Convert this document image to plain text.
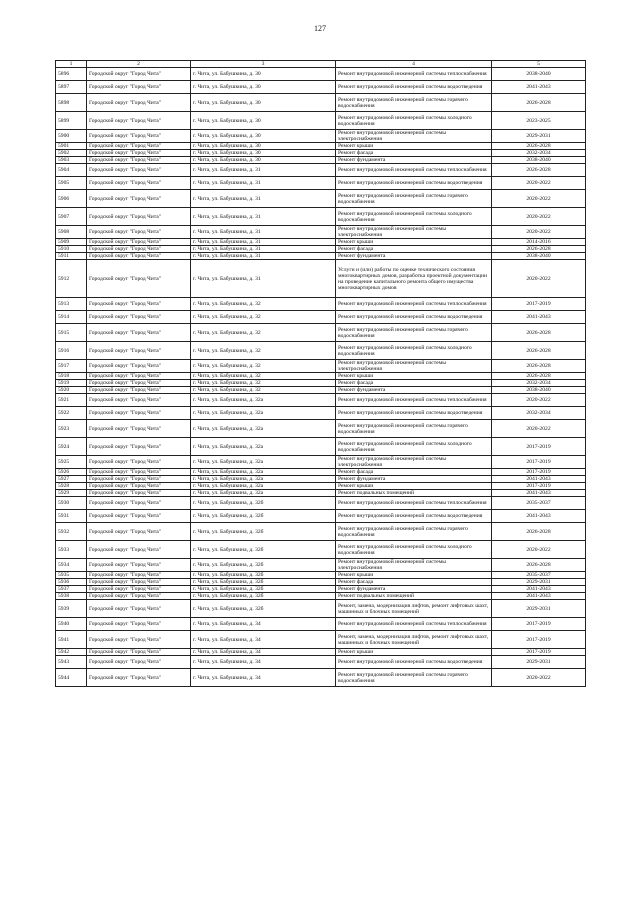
127
1	2	3	4	5
5896	Городской округ "Город Чита"	г. Чита, ул. Бабушкина, д. 30	Ремонт внутридомовой инженерной системы теплоснабжения	2038-2040
5897	Городской округ "Город Чита"	г. Чита, ул. Бабушкина, д. 30	Ремонт внутридомовой инженерной системы водоотведения	2041-2043
5898	Городской округ "Город Чита"	г. Чита, ул. Бабушкина, д. 30	Ремонт внутридомовой инженерной системы горячего водоснабжения	2026-2028
5899	Городской округ "Город Чита"	г. Чита, ул. Бабушкина, д. 30	Ремонт внутридомовой инженерной системы холодного водоснабжения	2023-2025
5900	Городской округ "Город Чита"	г. Чита, ул. Бабушкина, д. 30	Ремонт внутридомовой инженерной системы электроснабжения	2029-2031
5901	Городской округ "Город Чита"	г. Чита, ул. Бабушкина, д. 30	Ремонт крыши	2026-2028
5902	Городской округ "Город Чита"	г. Чита, ул. Бабушкина, д. 30	Ремонт фасада	2032-2034
5903	Городской округ "Город Чита"	г. Чита, ул. Бабушкина, д. 30	Ремонт фундамента	2038-2040
5904	Городской округ "Город Чита"	г. Чита, ул. Бабушкина, д. 31	Ремонт внутридомовой инженерной системы теплоснабжения	2026-2028
5905	Городской округ "Город Чита"	г. Чита, ул. Бабушкина, д. 31	Ремонт внутридомовой инженерной системы водоотведения	2020-2022
5906	Городской округ "Город Чита"	г. Чита, ул. Бабушкина, д. 31	Ремонт внутридомовой инженерной системы горячего водоснабжения	2020-2022
5907	Городской округ "Город Чита"	г. Чита, ул. Бабушкина, д. 31	Ремонт внутридомовой инженерной системы холодного водоснабжения	2020-2022
5908	Городской округ "Город Чита"	г. Чита, ул. Бабушкина, д. 31	Ремонт внутридомовой инженерной системы электроснабжения	2020-2022
5909	Городской округ "Город Чита"	г. Чита, ул. Бабушкина, д. 31	Ремонт крыши	2014-2016
5910	Городской округ "Город Чита"	г. Чита, ул. Бабушкина, д. 31	Ремонт фасада	2026-2028
5911	Городской округ "Город Чита"	г. Чита, ул. Бабушкина, д. 31	Ремонт фундамента	2038-2040
5912	Городской округ "Город Чита"	г. Чита, ул. Бабушкина, д. 31	Услуги и (или) работы по оценке технического состояния многоквартирных домов, разработка проектной документации на проведение капитального ремонта общего имущества многоквартирных домов	2020-2022
5913	Городской округ "Город Чита"	г. Чита, ул. Бабушкина, д. 32	Ремонт внутридомовой инженерной системы теплоснабжения	2017-2019
5914	Городской округ "Город Чита"	г. Чита, ул. Бабушкина, д. 32	Ремонт внутридомовой инженерной системы водоотведения	2041-2043
5915	Городской округ "Город Чита"	г. Чита, ул. Бабушкина, д. 32	Ремонт внутридомовой инженерной системы горячего водоснабжения	2026-2028
5916	Городской округ "Город Чита"	г. Чита, ул. Бабушкина, д. 32	Ремонт внутридомовой инженерной системы холодного водоснабжения	2026-2028
5917	Городской округ "Город Чита"	г. Чита, ул. Бабушкина, д. 32	Ремонт внутридомовой инженерной системы электроснабжения	2026-2028
5918	Городской округ "Город Чита"	г. Чита, ул. Бабушкина, д. 32	Ремонт крыши	2026-2028
5919	Городской округ "Город Чита"	г. Чита, ул. Бабушкина, д. 32	Ремонт фасада	2032-2034
5920	Городской округ "Город Чита"	г. Чита, ул. Бабушкина, д. 32	Ремонт фундамента	2038-2040
5921	Городской округ "Город Чита"	г. Чита, ул. Бабушкина, д. 32а	Ремонт внутридомовой инженерной системы теплоснабжения	2020-2022
5922	Городской округ "Город Чита"	г. Чита, ул. Бабушкина, д. 32а	Ремонт внутридомовой инженерной системы водоотведения	2032-2034
5923	Городской округ "Город Чита"	г. Чита, ул. Бабушкина, д. 32а	Ремонт внутридомовой инженерной системы горячего водоснабжения	2020-2022
5924	Городской округ "Город Чита"	г. Чита, ул. Бабушкина, д. 32а	Ремонт внутридомовой инженерной системы холодного водоснабжения	2017-2019
5925	Городской округ "Город Чита"	г. Чита, ул. Бабушкина, д. 32а	Ремонт внутридомовой инженерной системы электроснабжения	2017-2019
5926	Городской округ "Город Чита"	г. Чита, ул. Бабушкина, д. 32а	Ремонт фасада	2017-2019
5927	Городской округ "Город Чита"	г. Чита, ул. Бабушкина, д. 32а	Ремонт фундамента	2041-2043
5928	Городской округ "Город Чита"	г. Чита, ул. Бабушкина, д. 32а	Ремонт крыши	2017-2019
5929	Городской округ "Город Чита"	г. Чита, ул. Бабушкина, д. 32а	Ремонт подвальных помещений	2041-2043
5930	Городской округ "Город Чита"	г. Чита, ул. Бабушкина, д. 32б	Ремонт внутридомовой инженерной системы теплоснабжения	2035-2037
5931	Городской округ "Город Чита"	г. Чита, ул. Бабушкина, д. 32б	Ремонт внутридомовой инженерной системы водоотведения	2041-2043
5932	Городской округ "Город Чита"	г. Чита, ул. Бабушкина, д. 32б	Ремонт внутридомовой инженерной системы горячего водоснабжения	2026-2028
5933	Городской округ "Город Чита"	г. Чита, ул. Бабушкина, д. 32б	Ремонт внутридомовой инженерной системы холодного водоснабжения	2020-2022
5934	Городской округ "Город Чита"	г. Чита, ул. Бабушкина, д. 32б	Ремонт внутридомовой инженерной системы электроснабжения	2026-2028
5935	Городской округ "Город Чита"	г. Чита, ул. Бабушкина, д. 32б	Ремонт крыши	2035-2037
5936	Городской округ "Город Чита"	г. Чита, ул. Бабушкина, д. 32б	Ремонт фасада	2029-2031
5937	Городской округ "Город Чита"	г. Чита, ул. Бабушкина, д. 32б	Ремонт фундамента	2041-2043
5938	Городской округ "Город Чита"	г. Чита, ул. Бабушкина, д. 32б	Ремонт подвальных помещений	2041-2043
5939	Городской округ "Город Чита"	г. Чита, ул. Бабушкина, д. 32б	Ремонт, замена, модернизация лифтов, ремонт лифтовых шахт, машинных и блочных помещений	2029-2031
5940	Городской округ "Город Чита"	г. Чита, ул. Бабушкина, д. 34	Ремонт внутридомовой инженерной системы теплоснабжения	2017-2019
5941	Городской округ "Город Чита"	г. Чита, ул. Бабушкина, д. 34	Ремонт, замена, модернизация лифтов, ремонт лифтовых шахт, машинных и блочных помещений	2017-2019
5942	Городской округ "Город Чита"	г. Чита, ул. Бабушкина, д. 34	Ремонт крыши	2017-2019
5943	Городской округ "Город Чита"	г. Чита, ул. Бабушкина, д. 34	Ремонт внутридомовой инженерной системы водоотведения	2029-2031
5944	Городской округ "Город Чита"	г. Чита, ул. Бабушкина, д. 34	Ремонт внутридомовой инженерной системы горячего водоснабжения	2020-2022
